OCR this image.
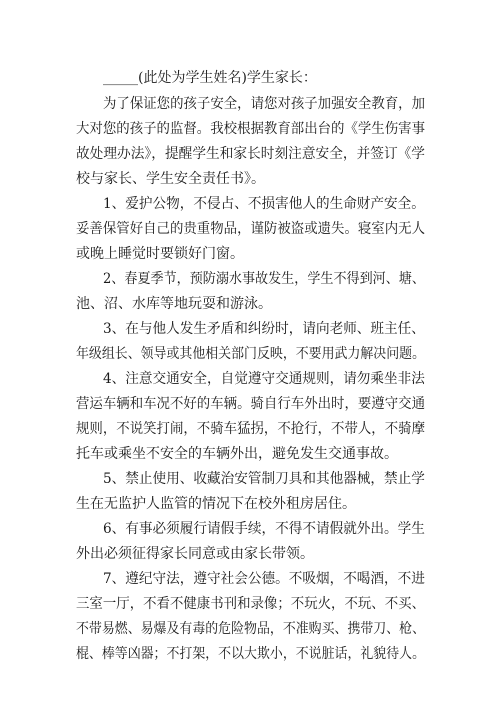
_____(此处为学生姓名)学生家长：
为了保证您的孩子安全，请您对孩子加强安全教育，加
大对您的孩子的监督。我校根据教育部出台的《学生伤害事
故处理办法》，提醒学生和家长时刻注意安全，并签订《学
校与家长、学生安全责任书》。
1、爱护公物，不侵占、不损害他人的生命财产安全。
妥善保管好自己的贵重物品，谨防被盗或遗失。寝室内无人
或晚上睡觉时要锁好门窗。
2、春夏季节，预防溺水事故发生，学生不得到河、塘、
池、沼、水库等地玩耍和游泳。
3、在与他人发生矛盾和纠纷时，请向老师、班主任、
年级组长、领导或其他相关部门反映，不要用武力解决问题。
4、注意交通安全，自觉遵守交通规则，请勿乘坐非法
营运车辆和车况不好的车辆。骑自行车外出时，要遵守交通
规则，不说笑打闹，不骑车猛拐，不抢行，不带人，不骑摩
托车或乘坐不安全的车辆外出，避免发生交通事故。
5、禁止使用、收藏治安管制刀具和其他器械，禁止学
生在无监护人监管的情况下在校外租房居住。
6、有事必须履行请假手续，不得不请假就外出。学生
外出必须征得家长同意或由家长带领。
7、遵纪守法，遵守社会公德。不吸烟，不喝酒，不进
三室一厅，不看不健康书刊和录像；不玩火，不玩、不买、
不带易燃、易爆及有毒的危险物品，不准购买、携带刀、枪、
棍、棒等凶器；不打架，不以大欺小，不说脏话，礼貌待人。
